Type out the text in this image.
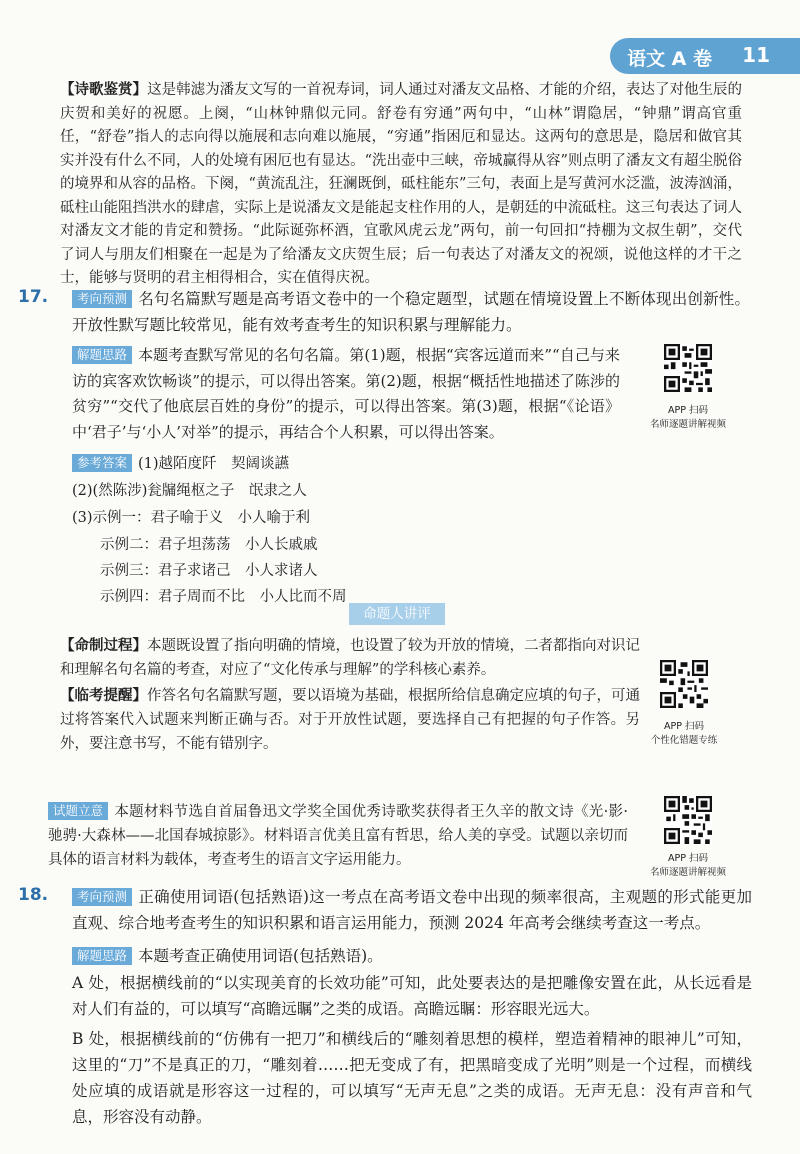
语文 A 卷 11
【诗歌鉴赏】这是韩滤为潘友文写的一首祝寿词，词人通过对潘友文品格、才能的介绍，表达了对他生辰的庆贺和美好的祝愿。上阕，“山林钟鼎似元同。舒卷有穷通”两句中，“山林”谓隐居，“钟鼎”谓高官重任，“舒卷”指人的志向得以施展和志向难以施展，“穷通”指困厄和显达。这两句的意思是，隐居和做官其实并没有什么不同，人的处境有困厄也有显达。“洗出壶中三峡，帝城赢得从容”则点明了潘友文有超尘脱俗的境界和从容的品格。下阕，“黄流乱注，狂澜既倒，砥柱能东”三句，表面上是写黄河水泛滥，波涛汹涌，砥柱山能阻挡洪水的肆虐，实际上是说潘友文是能起支柱作用的人，是朝廷的中流砥柱。这三句表达了词人对潘友文才能的肯定和赞扬。“此际诞弥杯酒，宜歌风虎云龙”两句，前一句回扣“持棚为文叔生朝”，交代了词人与朋友们相聚在一起是为了给潘友文庆贺生辰；后一句表达了对潘友文的祝颂，说他这样的才干之士，能够与贤明的君主相得相合，实在值得庆祝。
17.	考向预测 名句名篇默写题是高考语文卷中的一个稳定题型，试题在情境设置上不断体现出创新性。开放性默写题比较常见，能有效考查考生的知识积累与理解能力。
解题思路 本题考查默写常见的名句名篇。第(1)题，根据“宾客远道而来”“自己与来访的宾客欢饮畅谈”的提示，可以得出答案。第(2)题，根据“概括性地描述了陈涉的贫穷”“交代了他底层百姓的身份”的提示，可以得出答案。第(3)题，根据“《论语》中‘君子’与‘小人’对举”的提示，再结合个人积累，可以得出答案。
APP 扫码
名师逐题讲解视频
参考答案 (1)越陌度阡　契阔谈讌
(2)(然陈涉)瓮牖绳枢之子　氓隶之人
(3)示例一：君子喻于义　小人喻于利
示例二：君子坦荡荡　小人长戚戚
示例三：君子求诸己　小人求诸人
示例四：君子周而不比　小人比而不周
命题人讲评
【命制过程】本题既设置了指向明确的情境，也设置了较为开放的情境，二者都指向对识记和理解名句名篇的考查，对应了“文化传承与理解”的学科核心素养。
【临考提醒】作答名句名篇默写题，要以语境为基础，根据所给信息确定应填的句子，可通过将答案代入试题来判断正确与否。对于开放性试题，要选择自己有把握的句子作答。另外，要注意书写，不能有错别字。
APP 扫码
个性化错题专练
试题立意 本题材料节选自首届鲁迅文学奖全国优秀诗歌奖获得者王久辛的散文诗《光·影·驰骋·大森林——北国春城掠影》。材料语言优美且富有哲思，给人美的享受。试题以亲切而具体的语言材料为载体，考查考生的语言文字运用能力。	APP 扫码
名师逐题讲解视频
18.	考向预测 正确使用词语(包括熟语)这一考点在高考语文卷中出现的频率很高，主观题的形式能更加直观、综合地考查考生的知识积累和语言运用能力，预测 2024 年高考会继续考查这一考点。
解题思路 本题考查正确使用词语(包括熟语)。
A 处，根据横线前的“以实现美育的长效功能”可知，此处要表达的是把雕像安置在此，从长远看是对人们有益的，可以填写“高瞻远瞩”之类的成语。高瞻远瞩：形容眼光远大。
B 处，根据横线前的“仿佛有一把刀”和横线后的“雕刻着思想的模样，塑造着精神的眼神儿”可知，这里的“刀”不是真正的刀，“雕刻着……把无变成了有，把黑暗变成了光明”则是一个过程，而横线处应填的成语就是形容这一过程的，可以填写“无声无息”之类的成语。无声无息：没有声音和气息，形容没有动静。
